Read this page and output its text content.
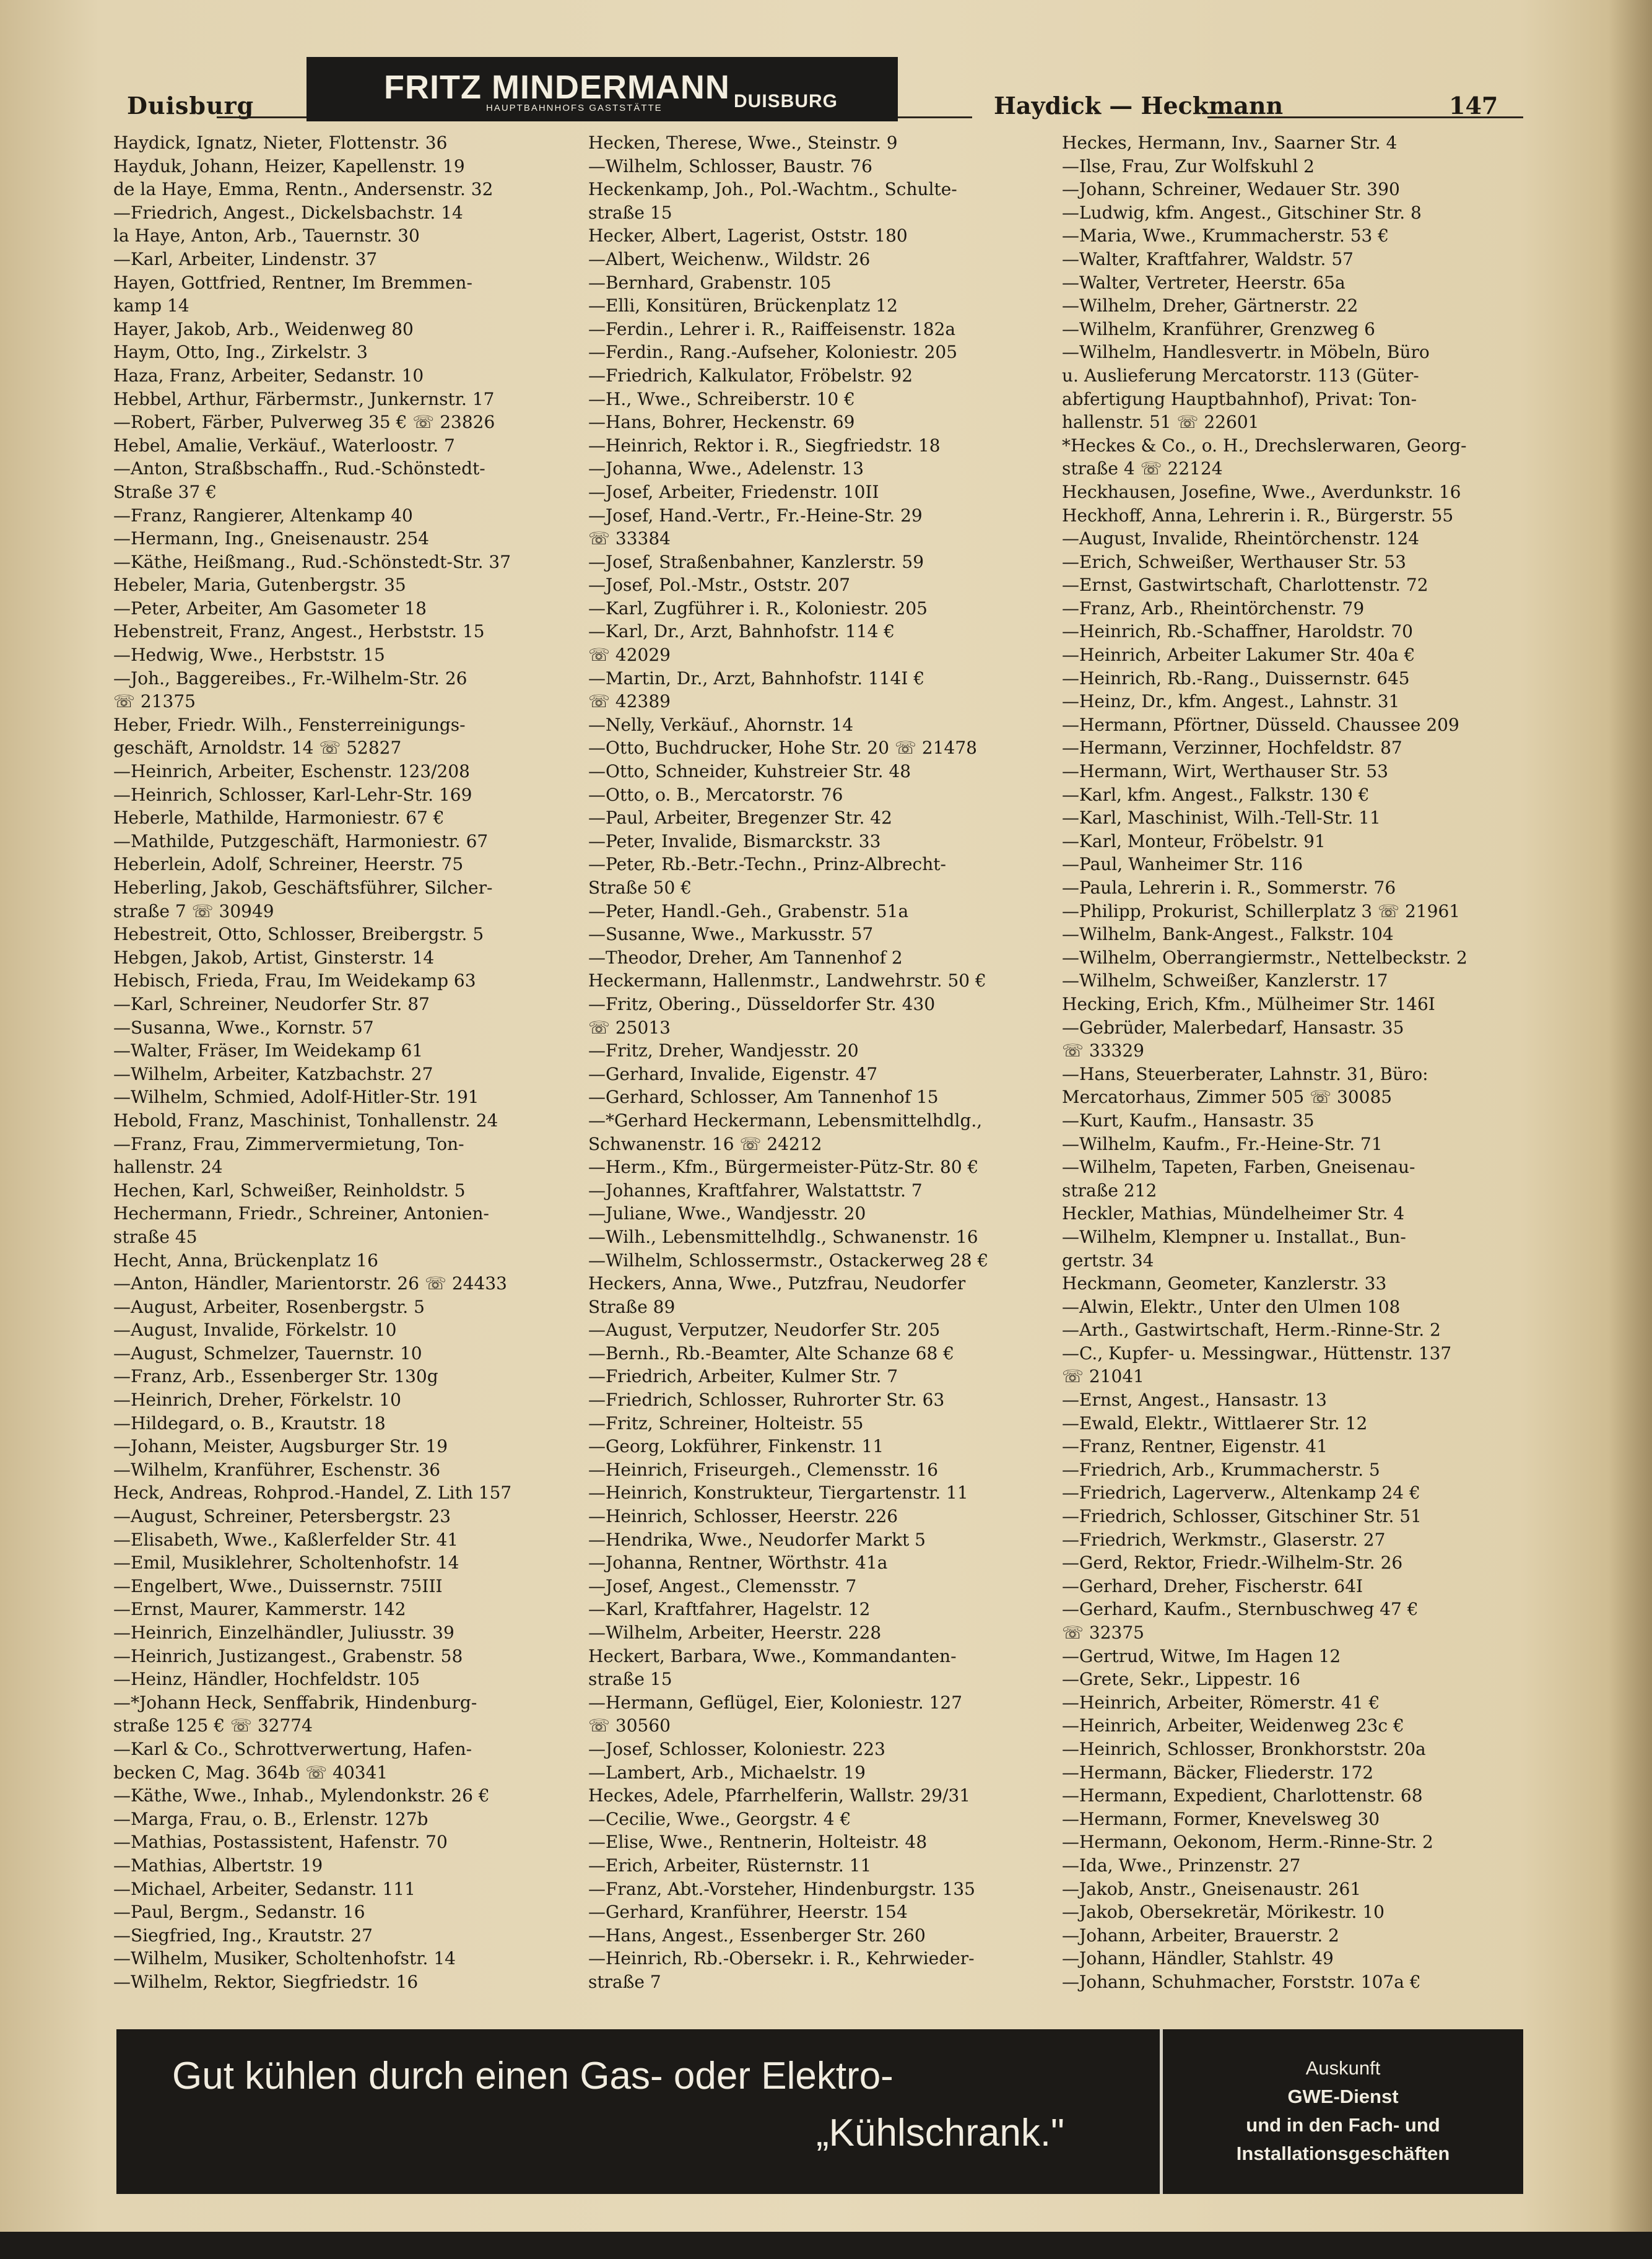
Duisburg	FRITZ MINDERMANN
HAUPTBAHNHOFS GASTSTÄTTE	DUISBURG	Haydick — Heckmann	147

Haydick, Ignatz, Nieter, Flottenstr. 36

Hayduk, Johann, Heizer, Kapellenstr. 19

de la Haye, Emma, Rentn., Andersenstr. 32

—Friedrich, Angest., Dickelsbachstr. 14

la Haye, Anton, Arb., Tauernstr. 30

—Karl, Arbeiter, Lindenstr. 37

Hayen, Gottfried, Rentner, Im Bremmen-

kamp 14

Hayer, Jakob, Arb., Weidenweg 80

Haym, Otto, Ing., Zirkelstr. 3

Haza, Franz, Arbeiter, Sedanstr. 10

Hebbel, Arthur, Färbermstr., Junkernstr. 17

—Robert, Färber, Pulverweg 35 € ☏ 23826

Hebel, Amalie, Verkäuf., Waterloostr. 7

—Anton, Straßbschaffn., Rud.-Schönstedt-

Straße 37 €

—Franz, Rangierer, Altenkamp 40

—Hermann, Ing., Gneisenaustr. 254

—Käthe, Heißmang., Rud.-Schönstedt-Str. 37

Hebeler, Maria, Gutenbergstr. 35

—Peter, Arbeiter, Am Gasometer 18

Hebenstreit, Franz, Angest., Herbststr. 15

—Hedwig, Wwe., Herbststr. 15

—Joh., Baggereibes., Fr.-Wilhelm-Str. 26

☏ 21375

Heber, Friedr. Wilh., Fensterreinigungs-

geschäft, Arnoldstr. 14 ☏ 52827

—Heinrich, Arbeiter, Eschenstr. 123/208

—Heinrich, Schlosser, Karl-Lehr-Str. 169

Heberle, Mathilde, Harmoniestr. 67 €

—Mathilde, Putzgeschäft, Harmoniestr. 67

Heberlein, Adolf, Schreiner, Heerstr. 75

Heberling, Jakob, Geschäftsführer, Silcher-

straße 7 ☏ 30949

Hebestreit, Otto, Schlosser, Breibergstr. 5

Hebgen, Jakob, Artist, Ginsterstr. 14

Hebisch, Frieda, Frau, Im Weidekamp 63

—Karl, Schreiner, Neudorfer Str. 87

—Susanna, Wwe., Kornstr. 57

—Walter, Fräser, Im Weidekamp 61

—Wilhelm, Arbeiter, Katzbachstr. 27

—Wilhelm, Schmied, Adolf-Hitler-Str. 191

Hebold, Franz, Maschinist, Tonhallenstr. 24

—Franz, Frau, Zimmervermietung, Ton-

hallenstr. 24

Hechen, Karl, Schweißer, Reinholdstr. 5

Hechermann, Friedr., Schreiner, Antonien-

straße 45

Hecht, Anna, Brückenplatz 16

—Anton, Händler, Marientorstr. 26 ☏ 24433

—August, Arbeiter, Rosenbergstr. 5

—August, Invalide, Förkelstr. 10

—August, Schmelzer, Tauernstr. 10

—Franz, Arb., Essenberger Str. 130g

—Heinrich, Dreher, Förkelstr. 10

—Hildegard, o. B., Krautstr. 18

—Johann, Meister, Augsburger Str. 19

—Wilhelm, Kranführer, Eschenstr. 36

Heck, Andreas, Rohprod.-Handel, Z. Lith 157

—August, Schreiner, Petersbergstr. 23

—Elisabeth, Wwe., Kaßlerfelder Str. 41

—Emil, Musiklehrer, Scholtenhofstr. 14

—Engelbert, Wwe., Duissernstr. 75III

—Ernst, Maurer, Kammerstr. 142

—Heinrich, Einzelhändler, Juliusstr. 39

—Heinrich, Justizangest., Grabenstr. 58

—Heinz, Händler, Hochfeldstr. 105

—*Johann Heck, Senffabrik, Hindenburg-

straße 125 € ☏ 32774

—Karl & Co., Schrottverwertung, Hafen-

becken C, Mag. 364b ☏ 40341

—Käthe, Wwe., Inhab., Mylendonkstr. 26 €

—Marga, Frau, o. B., Erlenstr. 127b

—Mathias, Postassistent, Hafenstr. 70

—Mathias, Albertstr. 19

—Michael, Arbeiter, Sedanstr. 111

—Paul, Bergm., Sedanstr. 16

—Siegfried, Ing., Krautstr. 27

—Wilhelm, Musiker, Scholtenhofstr. 14

—Wilhelm, Rektor, Siegfriedstr. 16

Hecken, Therese, Wwe., Steinstr. 9

—Wilhelm, Schlosser, Baustr. 76

Heckenkamp, Joh., Pol.-Wachtm., Schulte-

straße 15

Hecker, Albert, Lagerist, Oststr. 180

—Albert, Weichenw., Wildstr. 26

—Bernhard, Grabenstr. 105

—Elli, Konsitüren, Brückenplatz 12

—Ferdin., Lehrer i. R., Raiffeisenstr. 182a

—Ferdin., Rang.-Aufseher, Koloniestr. 205

—Friedrich, Kalkulator, Fröbelstr. 92

—H., Wwe., Schreiberstr. 10 €

—Hans, Bohrer, Heckenstr. 69

—Heinrich, Rektor i. R., Siegfriedstr. 18

—Johanna, Wwe., Adelenstr. 13

—Josef, Arbeiter, Friedenstr. 10II

—Josef, Hand.-Vertr., Fr.-Heine-Str. 29

☏ 33384

—Josef, Straßenbahner, Kanzlerstr. 59

—Josef, Pol.-Mstr., Oststr. 207

—Karl, Zugführer i. R., Koloniestr. 205

—Karl, Dr., Arzt, Bahnhofstr. 114 €

☏ 42029

—Martin, Dr., Arzt, Bahnhofstr. 114I €

☏ 42389

—Nelly, Verkäuf., Ahornstr. 14

—Otto, Buchdrucker, Hohe Str. 20 ☏ 21478

—Otto, Schneider, Kuhstreier Str. 48

—Otto, o. B., Mercatorstr. 76

—Paul, Arbeiter, Bregenzer Str. 42

—Peter, Invalide, Bismarckstr. 33

—Peter, Rb.-Betr.-Techn., Prinz-Albrecht-

Straße 50 €

—Peter, Handl.-Geh., Grabenstr. 51a

—Susanne, Wwe., Markusstr. 57

—Theodor, Dreher, Am Tannenhof 2

Heckermann, Hallenmstr., Landwehrstr. 50 €

—Fritz, Obering., Düsseldorfer Str. 430

☏ 25013

—Fritz, Dreher, Wandjesstr. 20

—Gerhard, Invalide, Eigenstr. 47

—Gerhard, Schlosser, Am Tannenhof 15

—*Gerhard Heckermann, Lebensmittelhdlg.,

Schwanenstr. 16 ☏ 24212

—Herm., Kfm., Bürgermeister-Pütz-Str. 80 €

—Johannes, Kraftfahrer, Walstattstr. 7

—Juliane, Wwe., Wandjesstr. 20

—Wilh., Lebensmittelhdlg., Schwanenstr. 16

—Wilhelm, Schlossermstr., Ostackerweg 28 €

Heckers, Anna, Wwe., Putzfrau, Neudorfer

Straße 89

—August, Verputzer, Neudorfer Str. 205

—Bernh., Rb.-Beamter, Alte Schanze 68 €

—Friedrich, Arbeiter, Kulmer Str. 7

—Friedrich, Schlosser, Ruhrorter Str. 63

—Fritz, Schreiner, Holteistr. 55

—Georg, Lokführer, Finkenstr. 11

—Heinrich, Friseurgeh., Clemensstr. 16

—Heinrich, Konstrukteur, Tiergartenstr. 11

—Heinrich, Schlosser, Heerstr. 226

—Hendrika, Wwe., Neudorfer Markt 5

—Johanna, Rentner, Wörthstr. 41a

—Josef, Angest., Clemensstr. 7

—Karl, Kraftfahrer, Hagelstr. 12

—Wilhelm, Arbeiter, Heerstr. 228

Heckert, Barbara, Wwe., Kommandanten-

straße 15

—Hermann, Geflügel, Eier, Koloniestr. 127

☏ 30560

—Josef, Schlosser, Koloniestr. 223

—Lambert, Arb., Michaelstr. 19

Heckes, Adele, Pfarrhelferin, Wallstr. 29/31

—Cecilie, Wwe., Georgstr. 4 €

—Elise, Wwe., Rentnerin, Holteistr. 48

—Erich, Arbeiter, Rüsternstr. 11

—Franz, Abt.-Vorsteher, Hindenburgstr. 135

—Gerhard, Kranführer, Heerstr. 154

—Hans, Angest., Essenberger Str. 260

—Heinrich, Rb.-Obersekr. i. R., Kehrwieder-

straße 7

Heckes, Hermann, Inv., Saarner Str. 4

—Ilse, Frau, Zur Wolfskuhl 2

—Johann, Schreiner, Wedauer Str. 390

—Ludwig, kfm. Angest., Gitschiner Str. 8

—Maria, Wwe., Krummacherstr. 53 €

—Walter, Kraftfahrer, Waldstr. 57

—Walter, Vertreter, Heerstr. 65a

—Wilhelm, Dreher, Gärtnerstr. 22

—Wilhelm, Kranführer, Grenzweg 6

—Wilhelm, Handlesvertr. in Möbeln, Büro

u. Auslieferung Mercatorstr. 113 (Güter-

abfertigung Hauptbahnhof), Privat: Ton-

hallenstr. 51 ☏ 22601

*Heckes & Co., o. H., Drechslerwaren, Georg-

straße 4 ☏ 22124

Heckhausen, Josefine, Wwe., Averdunkstr. 16

Heckhoff, Anna, Lehrerin i. R., Bürgerstr. 55

—August, Invalide, Rheintörchenstr. 124

—Erich, Schweißer, Werthauser Str. 53

—Ernst, Gastwirtschaft, Charlottenstr. 72

—Franz, Arb., Rheintörchenstr. 79

—Heinrich, Rb.-Schaffner, Haroldstr. 70

—Heinrich, Arbeiter Lakumer Str. 40a €

—Heinrich, Rb.-Rang., Duissernstr. 645

—Heinz, Dr., kfm. Angest., Lahnstr. 31

—Hermann, Pförtner, Düsseld. Chaussee 209

—Hermann, Verzinner, Hochfeldstr. 87

—Hermann, Wirt, Werthauser Str. 53

—Karl, kfm. Angest., Falkstr. 130 €

—Karl, Maschinist, Wilh.-Tell-Str. 11

—Karl, Monteur, Fröbelstr. 91

—Paul, Wanheimer Str. 116

—Paula, Lehrerin i. R., Sommerstr. 76

—Philipp, Prokurist, Schillerplatz 3 ☏ 21961

—Wilhelm, Bank-Angest., Falkstr. 104

—Wilhelm, Oberrangiermstr., Nettelbeckstr. 2

—Wilhelm, Schweißer, Kanzlerstr. 17

Hecking, Erich, Kfm., Mülheimer Str. 146I

—Gebrüder, Malerbedarf, Hansastr. 35

☏ 33329

—Hans, Steuerberater, Lahnstr. 31, Büro:

Mercatorhaus, Zimmer 505 ☏ 30085

—Kurt, Kaufm., Hansastr. 35

—Wilhelm, Kaufm., Fr.-Heine-Str. 71

—Wilhelm, Tapeten, Farben, Gneisenau-

straße 212

Heckler, Mathias, Mündelheimer Str. 4

—Wilhelm, Klempner u. Installat., Bun-

gertstr. 34

Heckmann, Geometer, Kanzlerstr. 33

—Alwin, Elektr., Unter den Ulmen 108

—Arth., Gastwirtschaft, Herm.-Rinne-Str. 2

—C., Kupfer- u. Messingwar., Hüttenstr. 137

☏ 21041

—Ernst, Angest., Hansastr. 13

—Ewald, Elektr., Wittlaerer Str. 12

—Franz, Rentner, Eigenstr. 41

—Friedrich, Arb., Krummacherstr. 5

—Friedrich, Lagerverw., Altenkamp 24 €

—Friedrich, Schlosser, Gitschiner Str. 51

—Friedrich, Werkmstr., Glaserstr. 27

—Gerd, Rektor, Friedr.-Wilhelm-Str. 26

—Gerhard, Dreher, Fischerstr. 64I

—Gerhard, Kaufm., Sternbuschweg 47 €

☏ 32375

—Gertrud, Witwe, Im Hagen 12

—Grete, Sekr., Lippestr. 16

—Heinrich, Arbeiter, Römerstr. 41 €

—Heinrich, Arbeiter, Weidenweg 23c €

—Heinrich, Schlosser, Bronkhorststr. 20a

—Hermann, Bäcker, Fliederstr. 172

—Hermann, Expedient, Charlottenstr. 68

—Hermann, Former, Knevelsweg 30

—Hermann, Oekonom, Herm.-Rinne-Str. 2

—Ida, Wwe., Prinzenstr. 27

—Jakob, Anstr., Gneisenaustr. 261

—Jakob, Obersekretär, Mörikestr. 10

—Johann, Arbeiter, Brauerstr. 2

—Johann, Händler, Stahlstr. 49

—Johann, Schuhmacher, Forststr. 107a €

Gut kühlen durch einen Gas- oder Elektro-
„Kühlschrank."
Auskunft
GWE-Dienst
und in den Fach- und
Installationsgeschäften
